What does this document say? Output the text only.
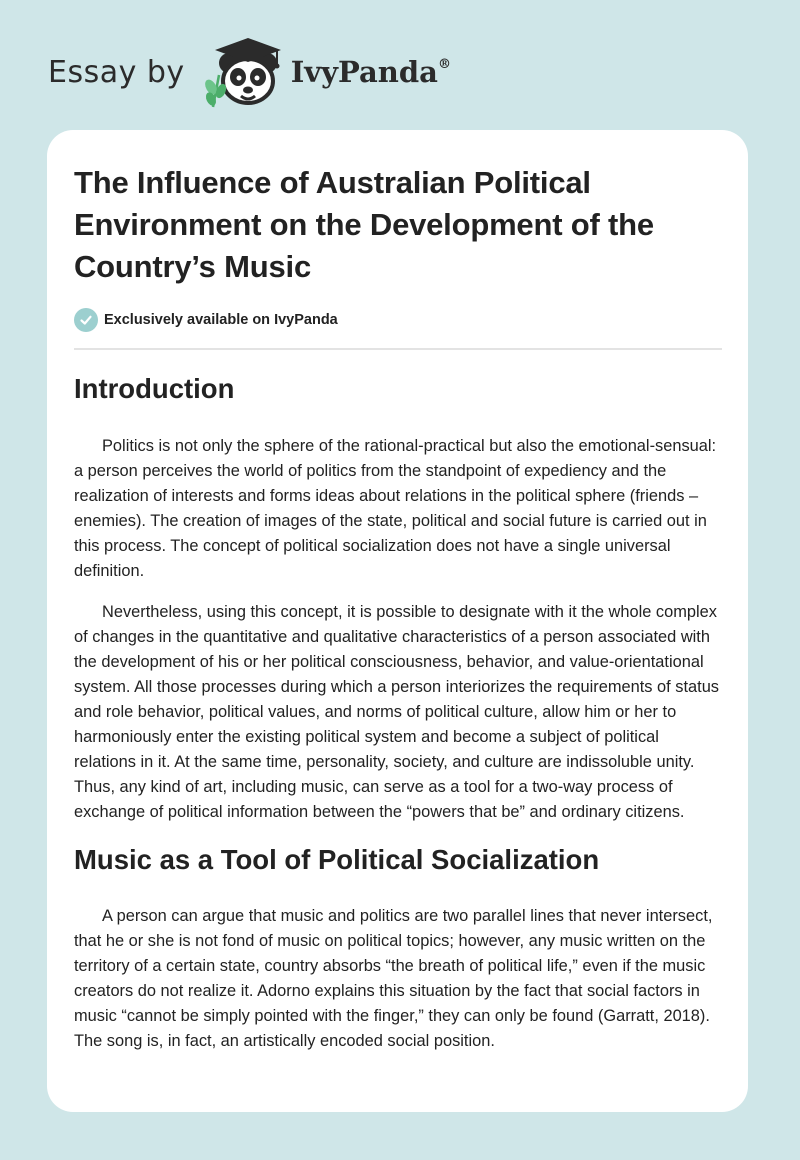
Essay by	IvyPanda®
The Influence of Australian Political Environment on the Development of the Country’s Music
Exclusively available on IvyPanda
Introduction

Politics is not only the sphere of the rational-practical but also the emotional-sensual: a person perceives the world of politics from the standpoint of expediency and the realization of interests and forms ideas about relations in the political sphere (friends – enemies). The creation of images of the state, political and social future is carried out in this process. The concept of political socialization does not have a single universal definition.

Nevertheless, using this concept, it is possible to designate with it the whole complex of changes in the quantitative and qualitative characteristics of a person associated with the development of his or her political consciousness, behavior, and value-orientational system. All those processes during which a person interiorizes the requirements of status and role behavior, political values, and norms of political culture, allow him or her to harmoniously enter the existing political system and become a subject of political relations in it. At the same time, personality, society, and culture are indissoluble unity. Thus, any kind of art, including music, can serve as a tool for a two-way process of exchange of political information between the “powers that be” and ordinary citizens.

Music as a Tool of Political Socialization

A person can argue that music and politics are two parallel lines that never intersect, that he or she is not fond of music on political topics; however, any music written on the territory of a certain state, country absorbs “the breath of political life,” even if the music creators do not realize it. Adorno explains this situation by the fact that social factors in music “cannot be simply pointed with the finger,” they can only be found (Garratt, 2018). The song is, in fact, an artistically encoded social position.
